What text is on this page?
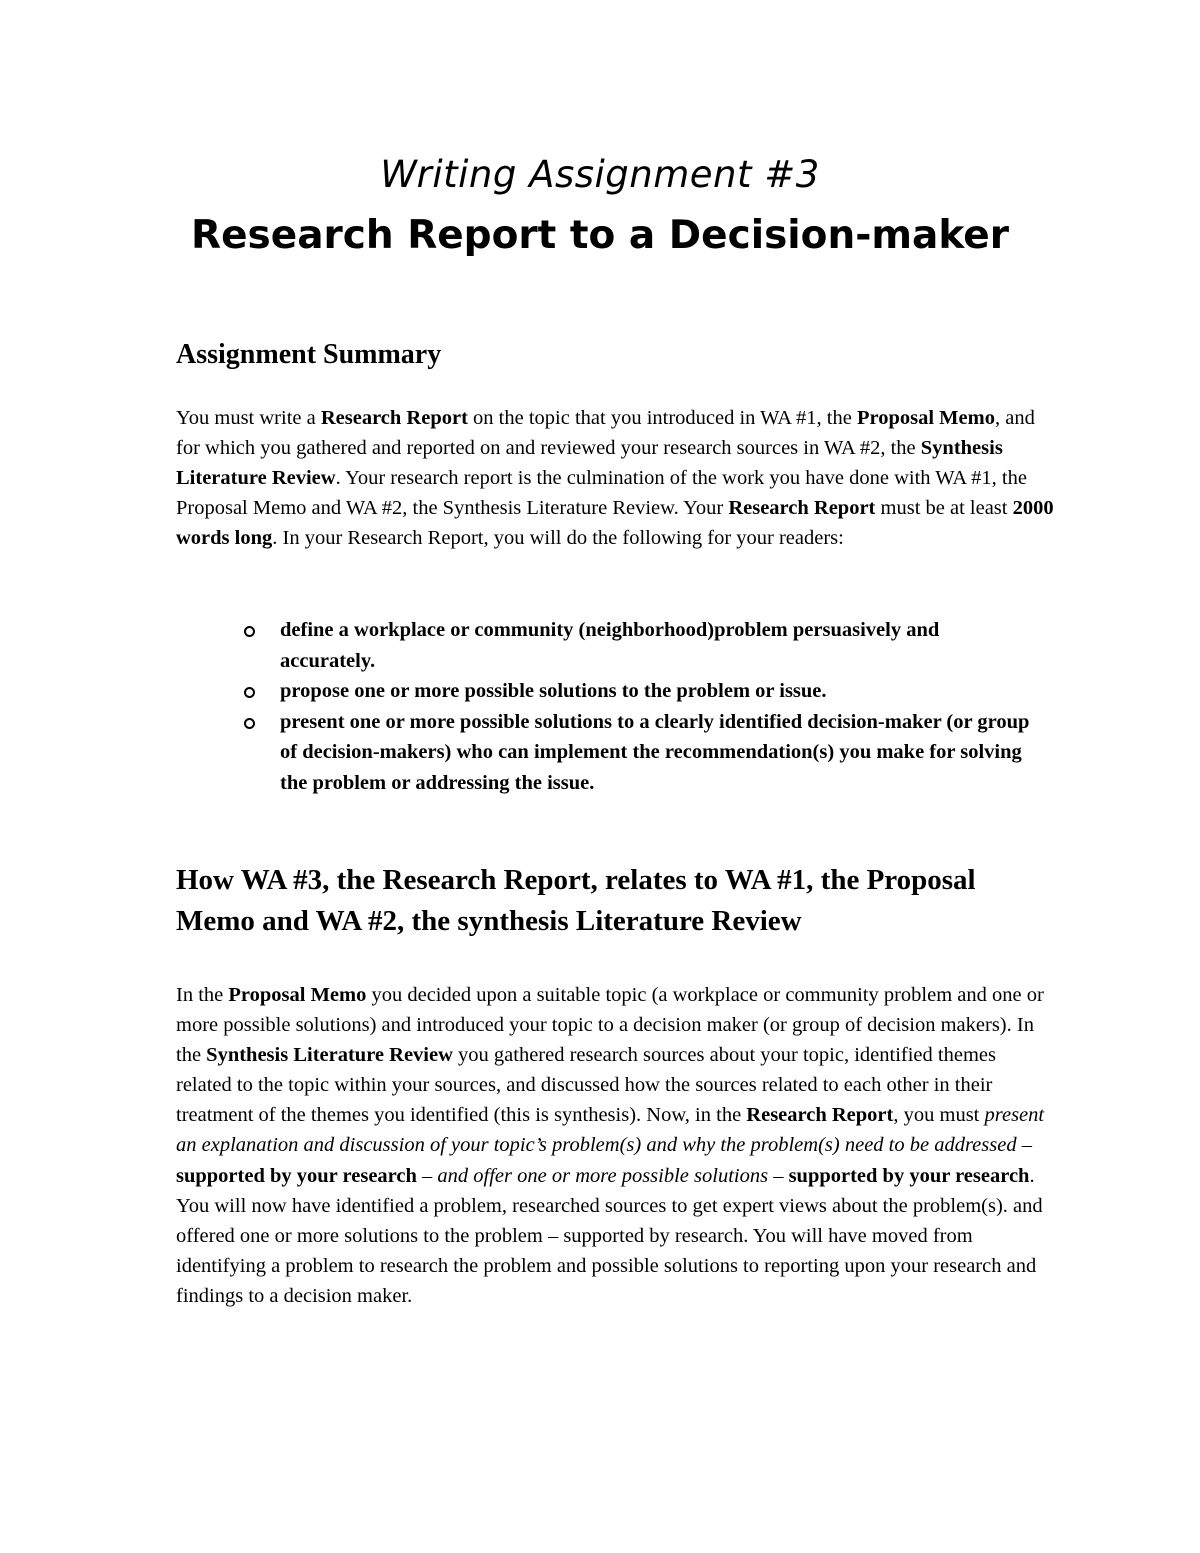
Writing Assignment #3
Research Report to a Decision-maker
Assignment Summary
You must write a Research Report on the topic that you introduced in WA #1, the Proposal Memo, and for which you gathered and reported on and reviewed your research sources in WA #2, the Synthesis Literature Review. Your research report is the culmination of the work you have done with WA #1, the Proposal Memo and WA #2, the Synthesis Literature Review. Your Research Report must be at least 2000 words long. In your Research Report, you will do the following for your readers:
define a workplace or community (neighborhood)problem persuasively and accurately.
propose one or more possible solutions to the problem or issue.
present one or more possible solutions to a clearly identified decision-maker (or group of decision-makers) who can implement the recommendation(s) you make for solving the problem or addressing the issue.
How WA #3, the Research Report, relates to WA #1, the Proposal Memo and WA #2, the synthesis Literature Review
In the Proposal Memo you decided upon a suitable topic (a workplace or community problem and one or more possible solutions) and introduced your topic to a decision maker (or group of decision makers). In the Synthesis Literature Review you gathered research sources about your topic, identified themes related to the topic within your sources, and discussed how the sources related to each other in their treatment of the themes you identified (this is synthesis). Now, in the Research Report, you must present an explanation and discussion of your topic’s problem(s) and why the problem(s) need to be addressed – supported by your research – and offer one or more possible solutions – supported by your research. You will now have identified a problem, researched sources to get expert views about the problem(s). and offered one or more solutions to the problem – supported by research. You will have moved from identifying a problem to research the problem and possible solutions to reporting upon your research and findings to a decision maker.
